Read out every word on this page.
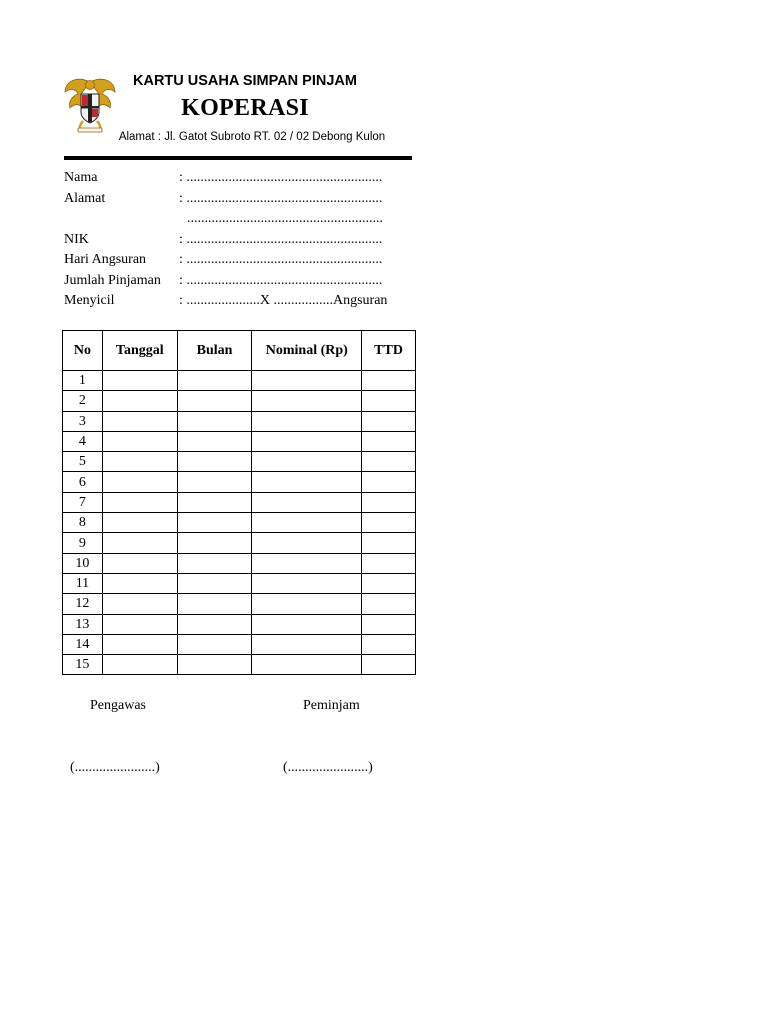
KARTU USAHA SIMPAN PINJAM
KOPERASI
Alamat : Jl. Gatot Subroto RT. 02 / 02 Debong Kulon
Nama	: ........................................................
Alamat	: ........................................................
........................................................
NIK	: ........................................................
Hari Angsuran : ........................................................
Jumlah Pinjaman : ........................................................
Menyicil	: .....................X .................Angsuran
No	Tanggal	Bulan	Nominal (Rp)	TTD
1				
2				
3				
4				
5				
6				
7				
8				
9				
10				
11				
12				
13				
14				
15				
Pengawas	Peminjam
(.......................)	(.......................)
